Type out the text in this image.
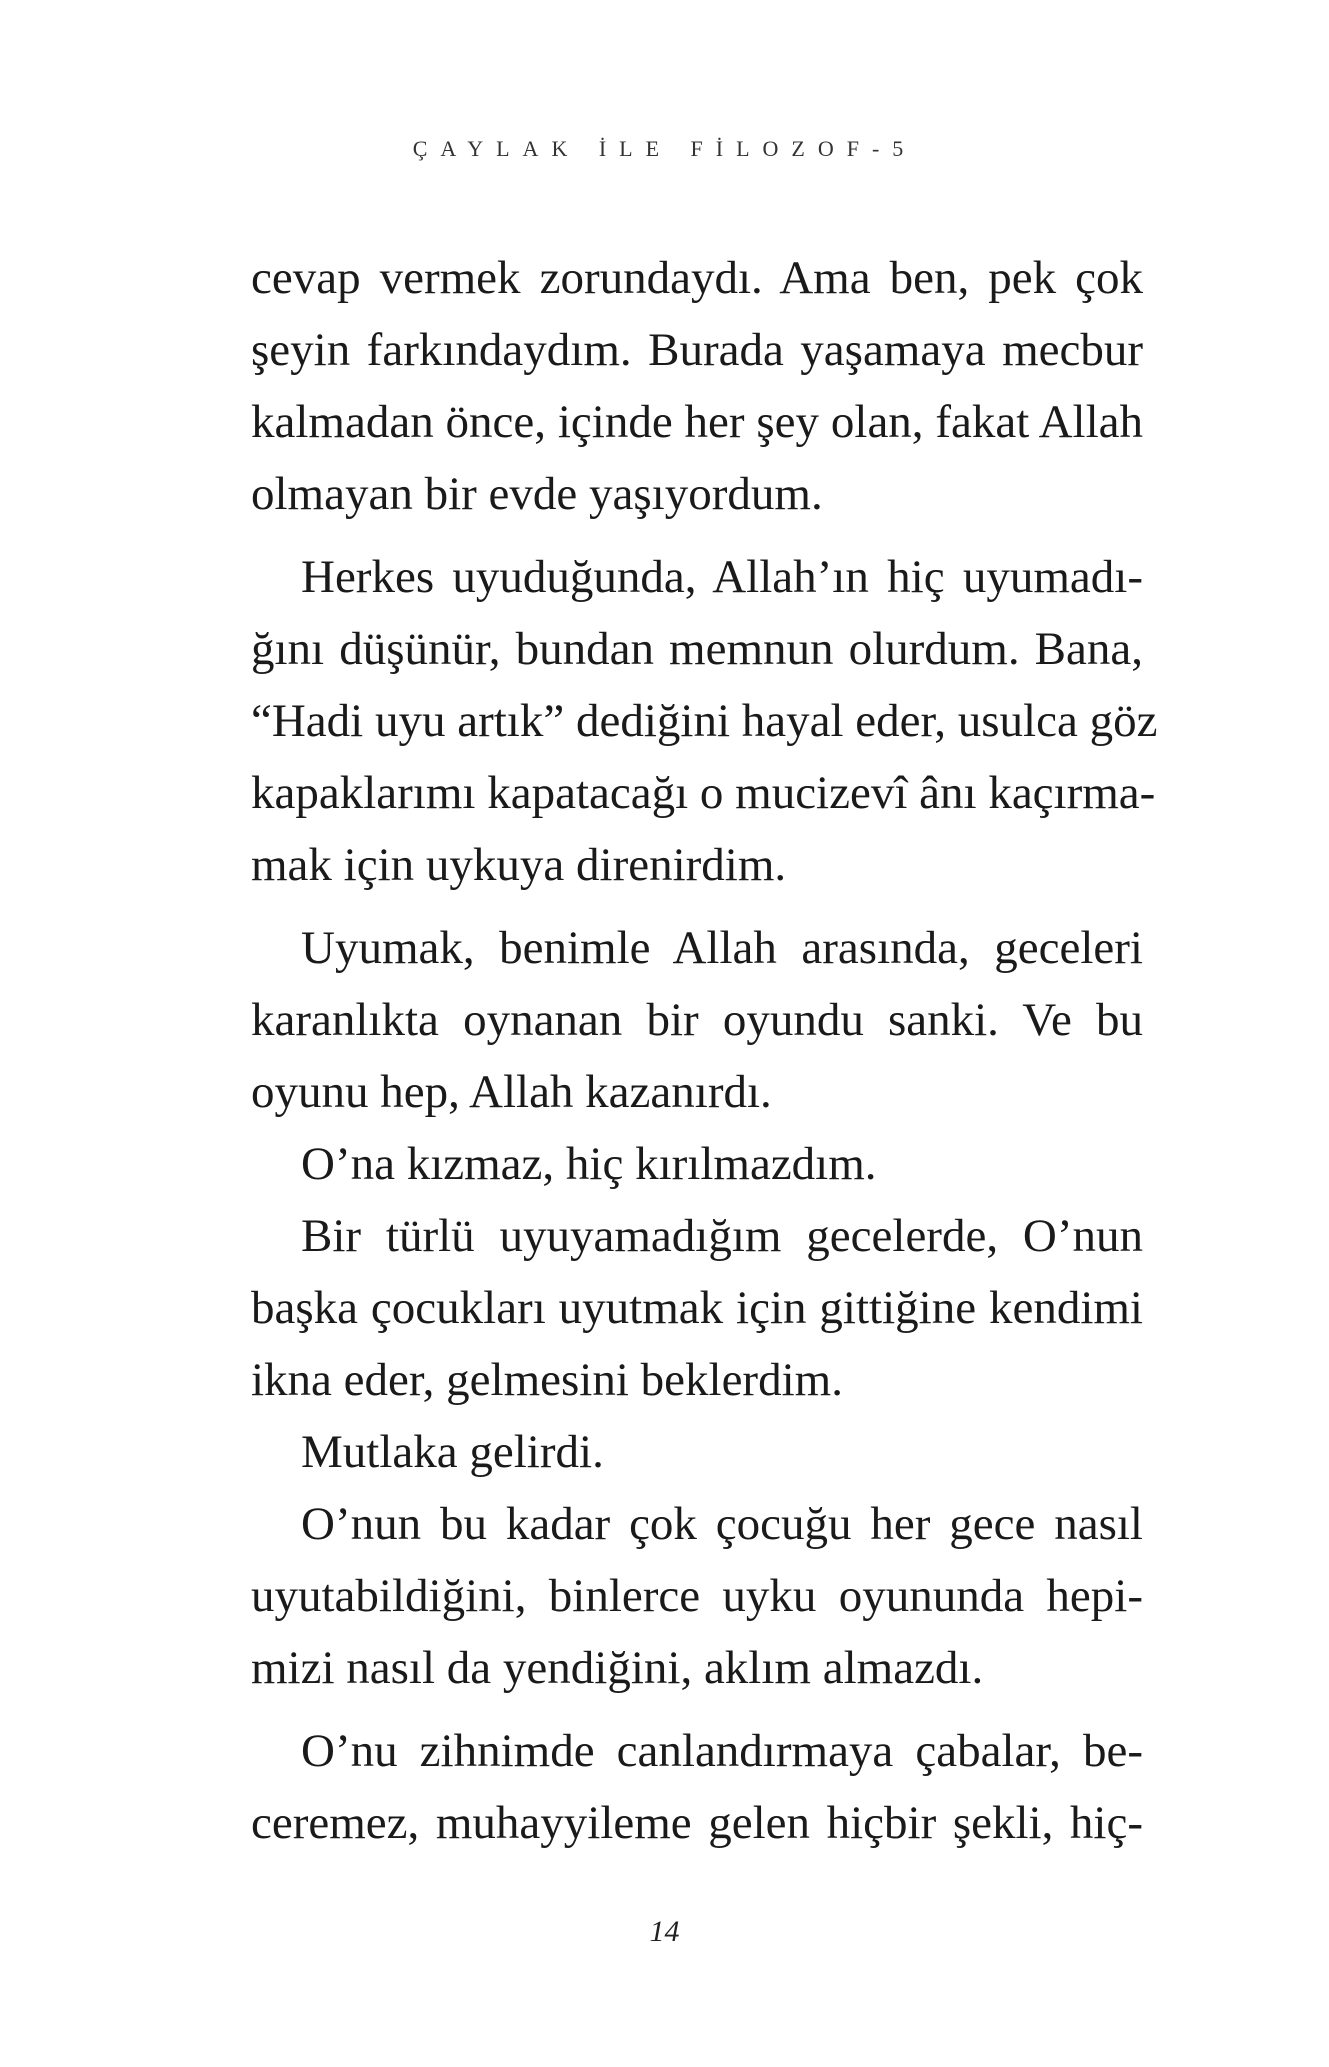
ÇAYLAK İLE FİLOZOF-5
cevap vermek zorundaydı. Ama ben, pek çok
şeyin farkındaydım. Burada yaşamaya mecbur
kalmadan önce, içinde her şey olan, fakat Allah
olmayan bir evde yaşıyordum.
Herkes uyuduğunda, Allah’ın hiç uyumadı-
ğını düşünür, bundan memnun olurdum. Bana,
“Hadi uyu artık” dediğini hayal eder, usulca göz
kapaklarımı kapatacağı o mucizevî ânı kaçırma-
mak için uykuya direnirdim.
Uyumak, benimle Allah arasında, geceleri
karanlıkta oynanan bir oyundu sanki. Ve bu
oyunu hep, Allah kazanırdı.
O’na kızmaz, hiç kırılmazdım.
Bir türlü uyuyamadığım gecelerde, O’nun
başka çocukları uyutmak için gittiğine kendimi
ikna eder, gelmesini beklerdim.
Mutlaka gelirdi.
O’nun bu kadar çok çocuğu her gece nasıl
uyutabildiğini, binlerce uyku oyununda hepi-
mizi nasıl da yendiğini, aklım almazdı.
O’nu zihnimde canlandırmaya çabalar, be-
ceremez, muhayyileme gelen hiçbir şekli, hiç-
14
